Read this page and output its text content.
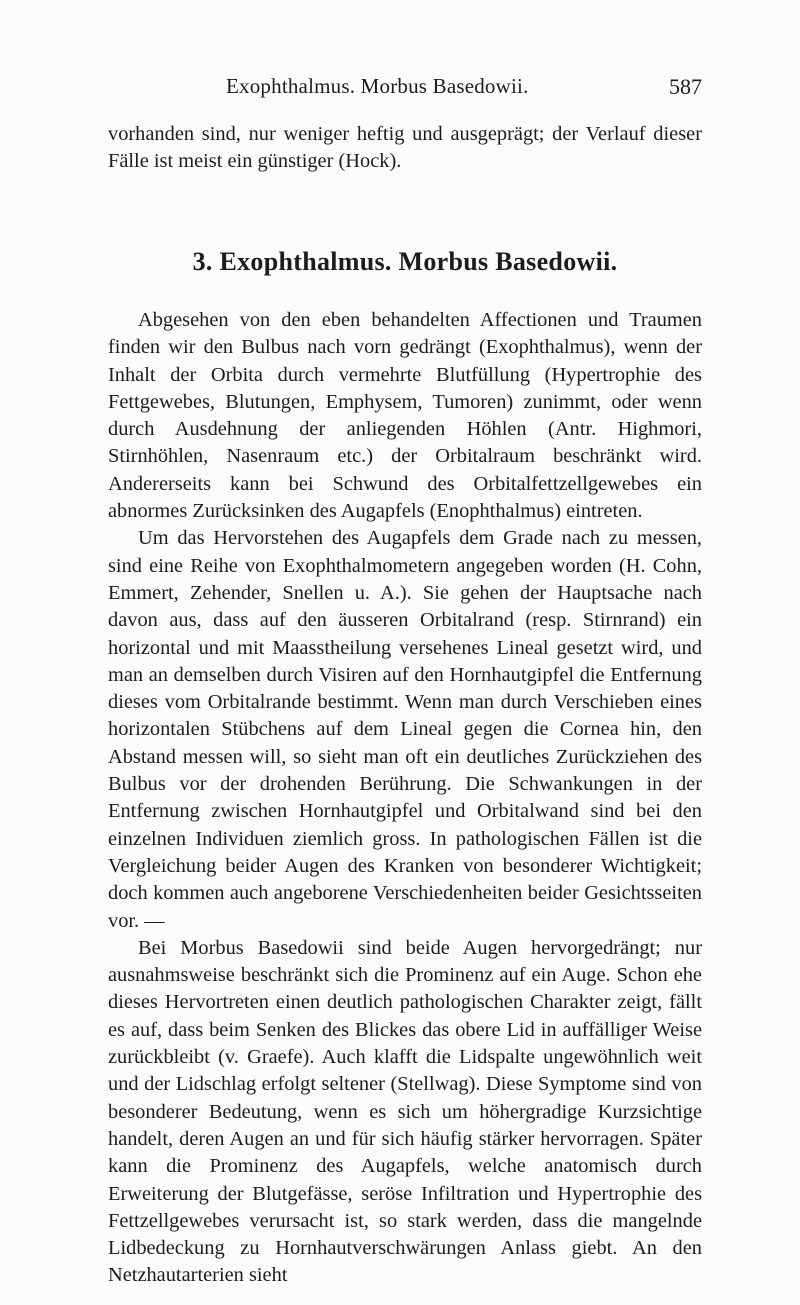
Exophthalmus. Morbus Basedowii.	587

vorhanden sind, nur weniger heftig und ausgeprägt; der Verlauf dieser Fälle ist meist ein günstiger (Hock).

3. Exophthalmus. Morbus Basedowii.

Abgesehen von den eben behandelten Affectionen und Traumen finden wir den Bulbus nach vorn gedrängt (Exophthalmus), wenn der Inhalt der Orbita durch vermehrte Blutfüllung (Hypertrophie des Fettgewebes, Blutungen, Emphysem, Tumoren) zunimmt, oder wenn durch Ausdehnung der anliegenden Höhlen (Antr. Highmori, Stirnhöhlen, Nasenraum etc.) der Orbitalraum beschränkt wird. Andererseits kann bei Schwund des Orbitalfettzellgewebes ein abnormes Zurücksinken des Augapfels (Enophthalmus) eintreten.

Um das Hervorstehen des Augapfels dem Grade nach zu messen, sind eine Reihe von Exophthalmometern angegeben worden (H. Cohn, Emmert, Zehender, Snellen u. A.). Sie gehen der Hauptsache nach davon aus, dass auf den äusseren Orbitalrand (resp. Stirnrand) ein horizontal und mit Maasstheilung versehenes Lineal gesetzt wird, und man an demselben durch Visiren auf den Hornhautgipfel die Entfernung dieses vom Orbitalrande bestimmt. Wenn man durch Verschieben eines horizontalen Stübchens auf dem Lineal gegen die Cornea hin, den Abstand messen will, so sieht man oft ein deutliches Zurückziehen des Bulbus vor der drohenden Berührung. Die Schwankungen in der Entfernung zwischen Hornhautgipfel und Orbitalwand sind bei den einzelnen Individuen ziemlich gross. In pathologischen Fällen ist die Vergleichung beider Augen des Kranken von besonderer Wichtigkeit; doch kommen auch angeborene Verschiedenheiten beider Gesichtsseiten vor. —

Bei Morbus Basedowii sind beide Augen hervorgedrängt; nur ausnahmsweise beschränkt sich die Prominenz auf ein Auge. Schon ehe dieses Hervortreten einen deutlich pathologischen Charakter zeigt, fällt es auf, dass beim Senken des Blickes das obere Lid in auffälliger Weise zurückbleibt (v. Graefe). Auch klafft die Lidspalte ungewöhnlich weit und der Lidschlag erfolgt seltener (Stellwag). Diese Symptome sind von besonderer Bedeutung, wenn es sich um höhergradige Kurzsichtige handelt, deren Augen an und für sich häufig stärker hervorragen. Später kann die Prominenz des Augapfels, welche anatomisch durch Erweiterung der Blutgefässe, seröse Infiltration und Hypertrophie des Fettzellgewebes verursacht ist, so stark werden, dass die mangelnde Lidbedeckung zu Hornhautverschwärungen Anlass giebt. An den Netzhautarterien sieht
